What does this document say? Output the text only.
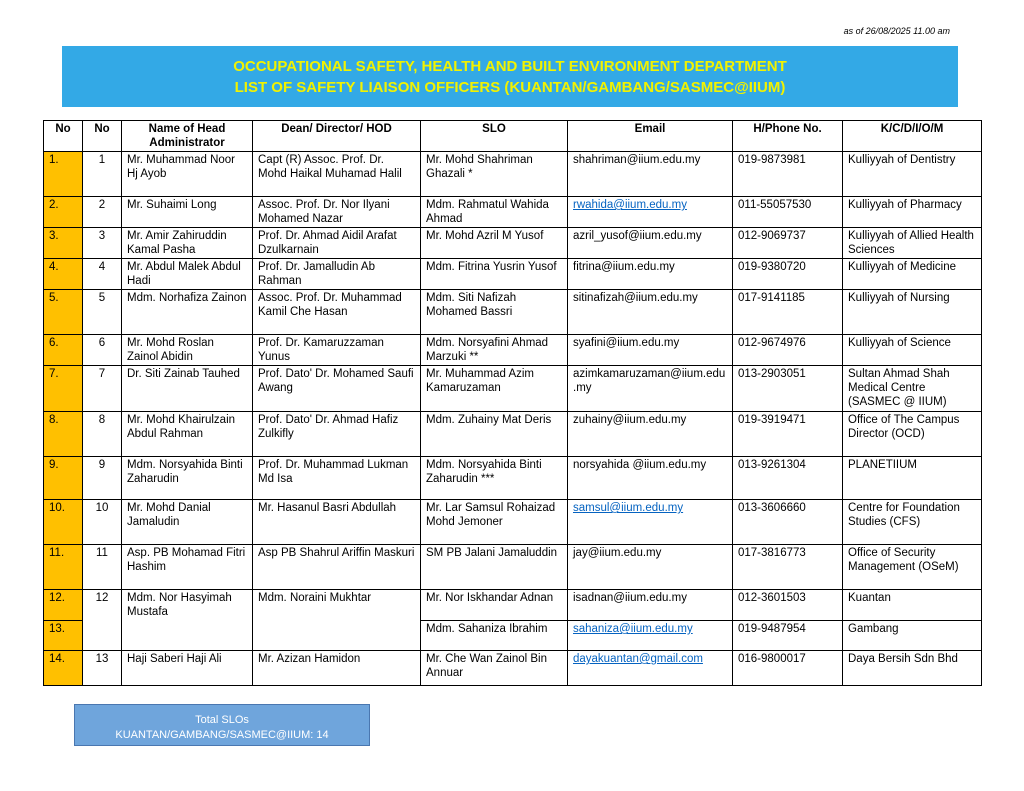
as of 26/08/2025 11.00 am
OCCUPATIONAL SAFETY, HEALTH AND BUILT ENVIRONMENT DEPARTMENT
LIST OF SAFETY LIAISON OFFICERS (KUANTAN/GAMBANG/SASMEC@IIUM)
No	No	Name of Head Administrator	Dean/ Director/ HOD	SLO	Email	H/Phone No.	K/C/D/I/O/M
1.	1	Mr. Muhammad Noor Hj Ayob	Capt (R) Assoc. Prof. Dr. Mohd Haikal Muhamad Halil	Mr. Mohd Shahriman Ghazali *	shahriman@iium.edu.my	019-9873981	Kulliyyah of Dentistry
2.	2	Mr. Suhaimi Long	Assoc. Prof. Dr. Nor Ilyani Mohamed Nazar	Mdm. Rahmatul Wahida Ahmad	rwahida@iium.edu.my	011-55057530	Kulliyyah of Pharmacy
3.	3	Mr. Amir Zahiruddin Kamal Pasha	Prof. Dr. Ahmad Aidil Arafat Dzulkarnain	Mr. Mohd Azril M Yusof	azril_yusof@iium.edu.my	012-9069737	Kulliyyah of Allied Health Sciences
4.	4	Mr. Abdul Malek Abdul Hadi	Prof. Dr. Jamalludin Ab Rahman	Mdm. Fitrina Yusrin Yusof	fitrina@iium.edu.my	019-9380720	Kulliyyah of Medicine
5.	5	Mdm. Norhafiza Zainon	Assoc. Prof. Dr. Muhammad Kamil Che Hasan	Mdm. Siti Nafizah Mohamed Bassri	sitinafizah@iium.edu.my	017-9141185	Kulliyyah of Nursing
6.	6	Mr. Mohd Roslan Zainol Abidin	Prof. Dr. Kamaruzzaman Yunus	Mdm. Norsyafini Ahmad Marzuki **	syafini@iium.edu.my	012-9674976	Kulliyyah of Science
7.	7	Dr. Siti Zainab Tauhed	Prof. Dato' Dr. Mohamed Saufi Awang	Mr. Muhammad Azim Kamaruzaman	azimkamaruzaman@iium.edu.my	013-2903051	Sultan Ahmad Shah Medical Centre (SASMEC @ IIUM)
8.	8	Mr. Mohd Khairulzain Abdul Rahman	Prof. Dato' Dr. Ahmad Hafiz Zulkifly	Mdm. Zuhainy Mat Deris	zuhainy@iium.edu.my	019-3919471	Office of The Campus Director (OCD)
9.	9	Mdm. Norsyahida Binti Zaharudin	Prof. Dr. Muhammad Lukman Md Isa	Mdm. Norsyahida Binti Zaharudin ***	norsyahida @iium.edu.my	013-9261304	PLANETIIUM
10.	10	Mr. Mohd Danial Jamaludin	Mr. Hasanul Basri Abdullah	Mr. Lar Samsul Rohaizad Mohd Jemoner	samsul@iium.edu.my	013-3606660	Centre for Foundation Studies (CFS)
11.	11	Asp. PB Mohamad Fitri Hashim	Asp PB Shahrul Ariffin Maskuri	SM PB Jalani Jamaluddin	jay@iium.edu.my	017-3816773	Office of Security Management (OSeM)
12.	12	Mdm. Nor Hasyimah Mustafa	Mdm. Noraini Mukhtar	Mr. Nor Iskhandar Adnan	isadnan@iium.edu.my	012-3601503	Kuantan
13.				Mdm. Sahaniza Ibrahim	sahaniza@iium.edu.my	019-9487954	Gambang
14.	13	Haji Saberi Haji Ali	Mr. Azizan Hamidon	Mr. Che Wan Zainol Bin Annuar	dayakuantan@gmail.com	016-9800017	Daya Bersih Sdn Bhd
Total SLOs
KUANTAN/GAMBANG/SASMEC@IIUM: 14
